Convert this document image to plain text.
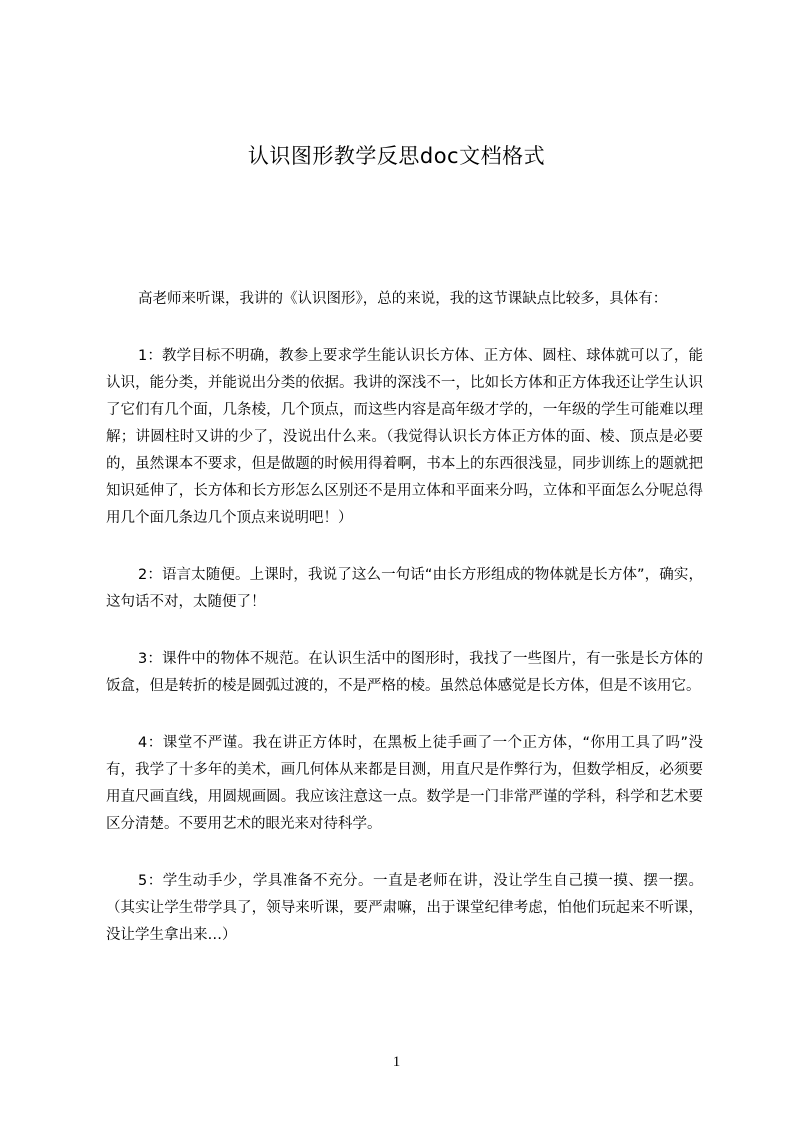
认识图形教学反思doc文档格式

高老师来听课，我讲的《认识图形》，总的来说，我的这节课缺点比较多，具体有：

1：教学目标不明确，教参上要求学生能认识长方体、正方体、圆柱、球体就可以了，能认识，能分类，并能说出分类的依据。我讲的深浅不一，比如长方体和正方体我还让学生认识了它们有几个面，几条棱，几个顶点，而这些内容是高年级才学的，一年级的学生可能难以理解；讲圆柱时又讲的少了，没说出什么来。（我觉得认识长方体正方体的面、棱、顶点是必要的，虽然课本不要求，但是做题的时候用得着啊，书本上的东西很浅显，同步训练上的题就把知识延伸了，长方体和长方形怎么区别还不是用立体和平面来分吗，立体和平面怎么分呢总得用几个面几条边几个顶点来说明吧！）

2：语言太随便。上课时，我说了这么一句话“由长方形组成的物体就是长方体”，确实，这句话不对，太随便了！

3：课件中的物体不规范。在认识生活中的图形时，我找了一些图片，有一张是长方体的饭盒，但是转折的棱是圆弧过渡的，不是严格的棱。虽然总体感觉是长方体，但是不该用它。

4：课堂不严谨。我在讲正方体时，在黑板上徒手画了一个正方体，“你用工具了吗”没有，我学了十多年的美术，画几何体从来都是目测，用直尺是作弊行为，但数学相反，必须要用直尺画直线，用圆规画圆。我应该注意这一点。数学是一门非常严谨的学科，科学和艺术要区分清楚。不要用艺术的眼光来对待科学。

5：学生动手少，学具准备不充分。一直是老师在讲，没让学生自己摸一摸、摆一摆。（其实让学生带学具了，领导来听课，要严肃嘛，出于课堂纪律考虑，怕他们玩起来不听课，没让学生拿出来…）

1
